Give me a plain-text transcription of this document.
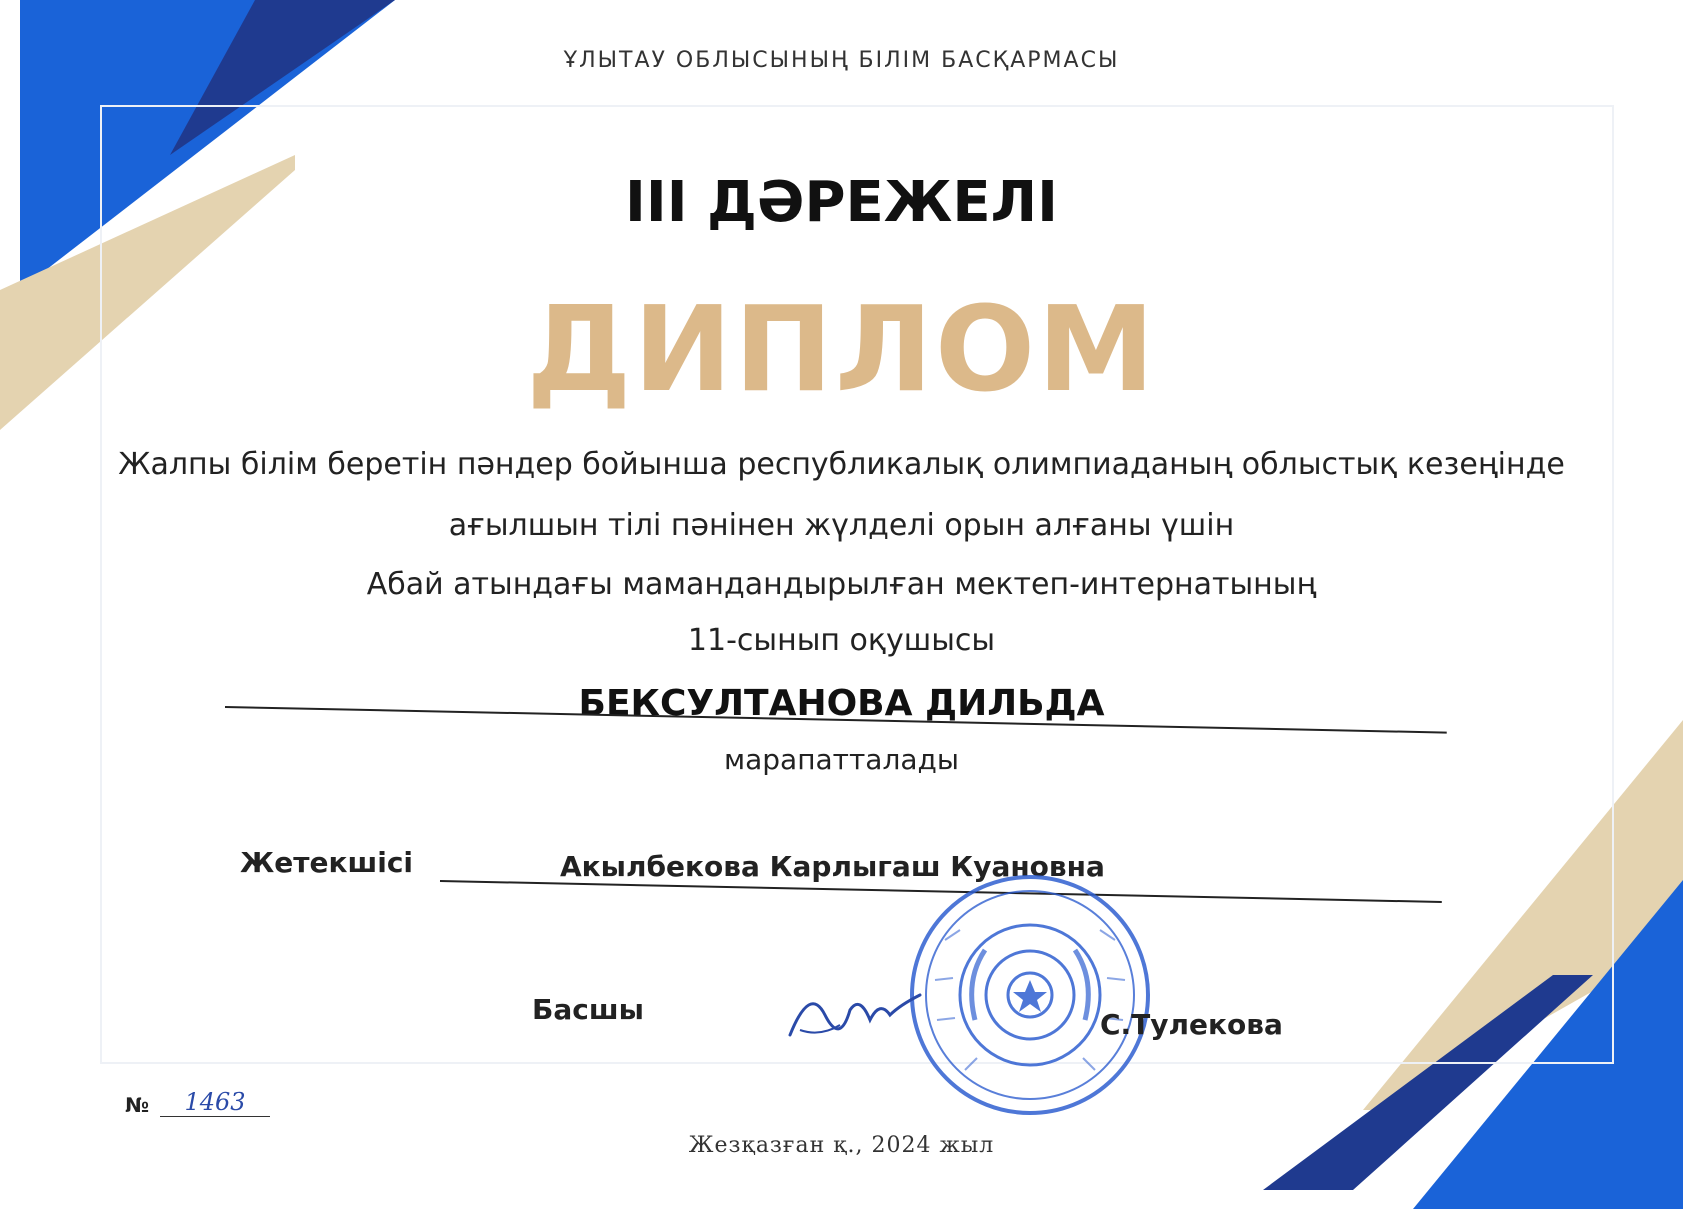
ҰЛЫТАУ ОБЛЫСЫНЫҢ БІЛІМ БАСҚАРМАСЫ
ІІІ ДӘРЕЖЕЛІ
ДИПЛОМ
Жалпы білім беретін пәндер бойынша республикалық олимпиаданың облыстық кезеңінде
ағылшын тілі пәнінен жүлделі орын алғаны үшін
Абай атындағы мамандандырылған мектеп-интернатының
11-сынып оқушысы
БЕКСУЛТАНОВА ДИЛЬДА
марапатталады
Жетекшісі	Акылбекова Карлыгаш Куановна
Басшы	С.Тулекова
№	1463
Жезқазған қ., 2024 жыл
